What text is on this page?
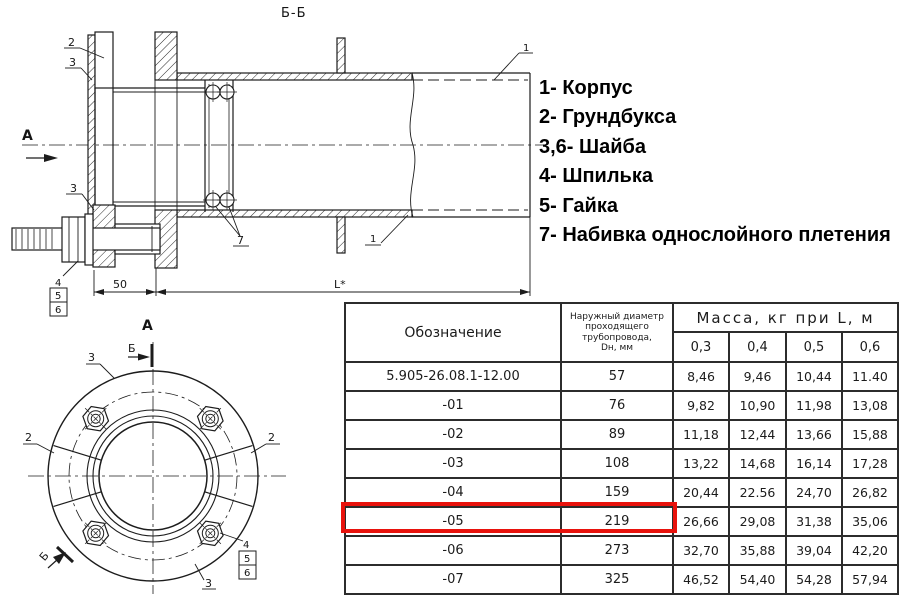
Б-Б
А
2
3
3
7
1
1
4
5
6
50	L*
А
Б
Б
3
2	2
3
4
5
6
1- Корпус
2- Грундбукса
3,6- Шайба
4- Шпилька
5- Гайка
7- Набивка однослойного плетения
Обозначение	Наружный диаметр
проходящего
трубопровода,
Dн, мм	Масса, кг при L, м			
		0,3	0,4	0,5	0,6
5.905-26.08.1-12.00	57	8,46	9,46	10,44	11.40
-01	76	9,82	10,90	11,98	13,08
-02	89	11,18	12,44	13,66	15,88
-03	108	13,22	14,68	16,14	17,28
-04	159	20,44	22.56	24,70	26,82
-05	219	26,66	29,08	31,38	35,06
-06	273	32,70	35,88	39,04	42,20
-07	325	46,52	54,40	54,28	57,94
